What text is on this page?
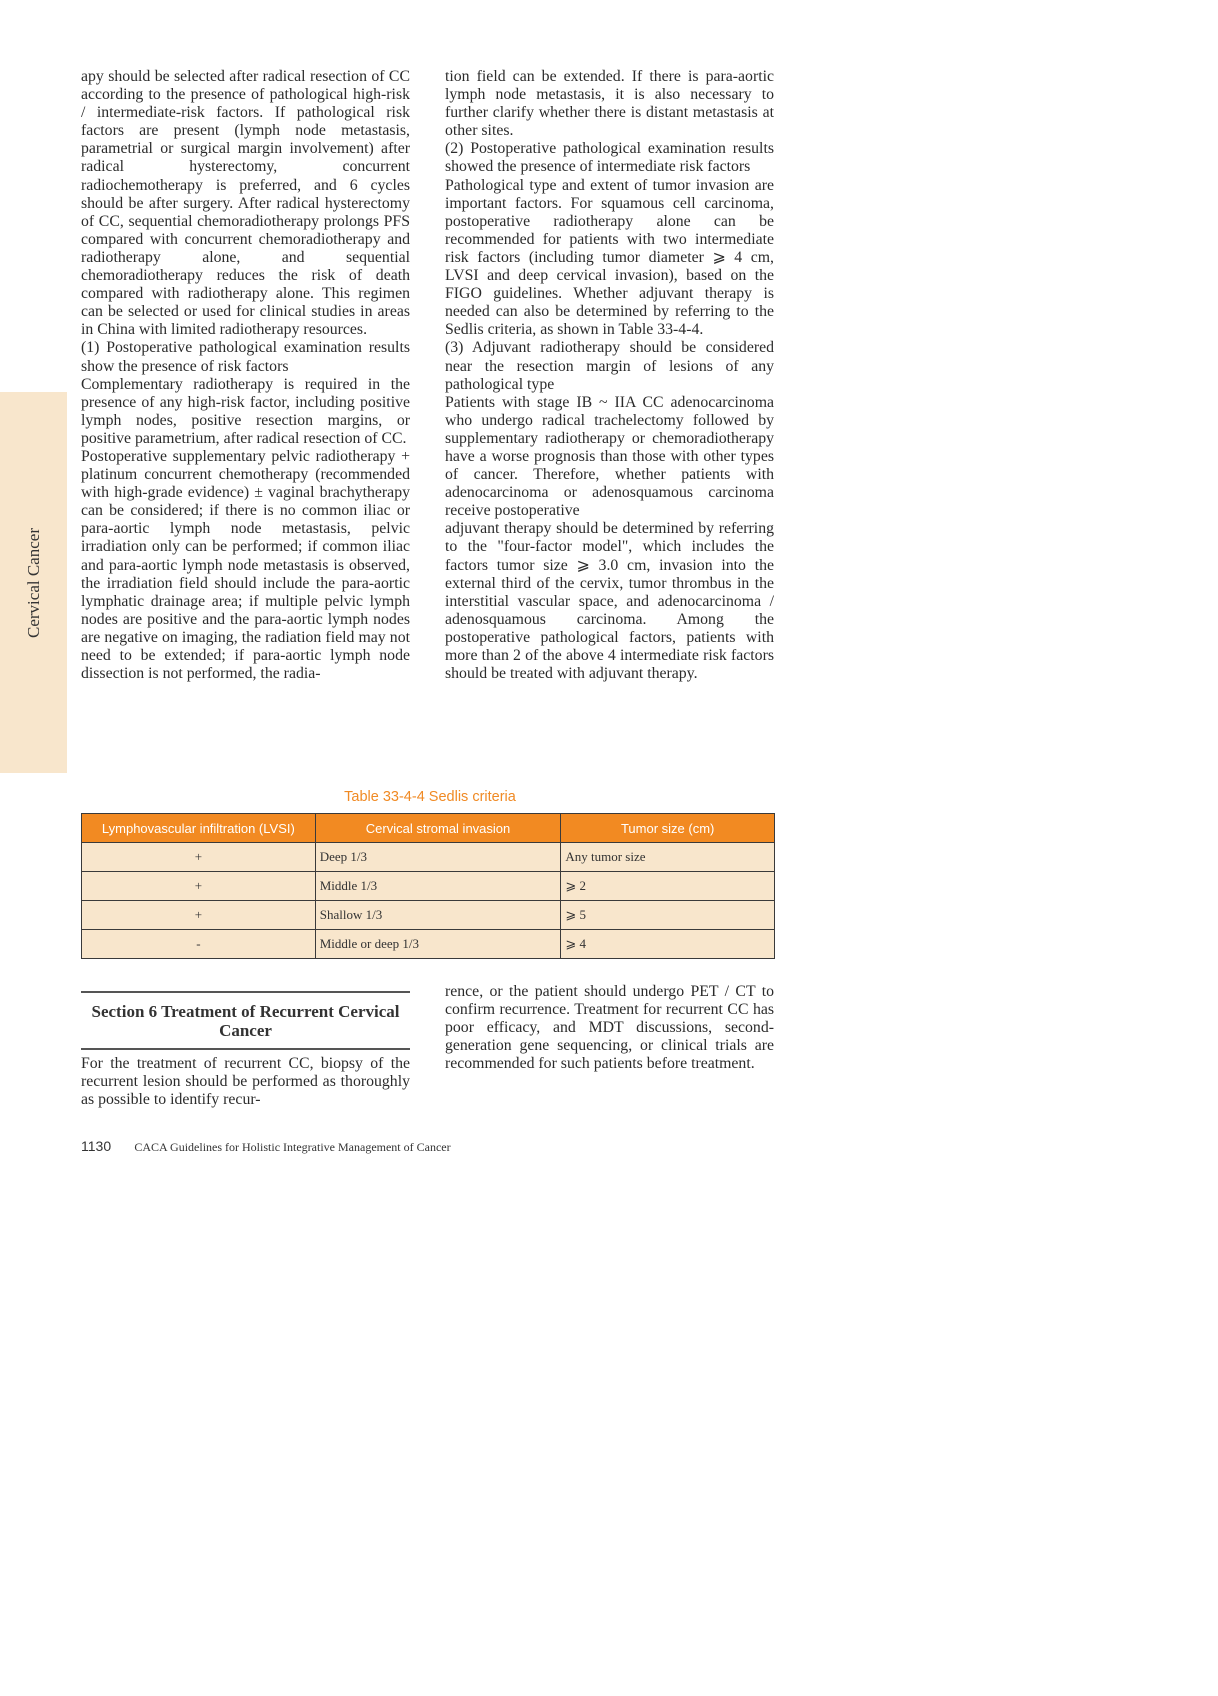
Cervical Cancer

apy should be selected after radical resection of CC according to the presence of pathological high-risk / intermediate-risk factors. If pathological risk factors are present (lymph node metastasis, parametrial or surgical margin involvement) after radical hysterectomy, concurrent radiochemotherapy is preferred, and 6 cycles should be after surgery. After radical hysterectomy of CC, sequential chemoradiotherapy prolongs PFS compared with concurrent chemoradiotherapy and radiotherapy alone, and sequential chemoradiotherapy reduces the risk of death compared with radiotherapy alone. This regimen can be selected or used for clinical studies in areas in China with limited radiotherapy resources.

(1) Postoperative pathological examination results show the presence of risk factors

Complementary radiotherapy is required in the presence of any high-risk factor, including positive lymph nodes, positive resection margins, or positive parametrium, after radical resection of CC.

Postoperative supplementary pelvic radiotherapy + platinum concurrent chemotherapy (recommended with high-grade evidence) ± vaginal brachytherapy can be considered; if there is no common iliac or para-aortic lymph node metastasis, pelvic irradiation only can be performed; if common iliac and para-aortic lymph node metastasis is observed, the irradiation field should include the para-aortic lymphatic drainage area; if multiple pelvic lymph nodes are positive and the para-aortic lymph nodes are negative on imaging, the radiation field may not need to be extended; if para-aortic lymph node dissection is not performed, the radia-

tion field can be extended. If there is para-aortic lymph node metastasis, it is also necessary to further clarify whether there is distant metastasis at other sites.

(2) Postoperative pathological examination results showed the presence of intermediate risk factors

Pathological type and extent of tumor invasion are important factors. For squamous cell carcinoma, postoperative radiotherapy alone can be recommended for patients with two intermediate risk factors (including tumor diameter ⩾ 4 cm, LVSI and deep cervical invasion), based on the FIGO guidelines. Whether adjuvant therapy is needed can also be determined by referring to the Sedlis criteria, as shown in Table 33-4-4.

(3) Adjuvant radiotherapy should be considered near the resection margin of lesions of any pathological type

Patients with stage IB ~ IIA CC adenocarcinoma who undergo radical trachelectomy followed by supplementary radiotherapy or chemoradiotherapy have a worse prognosis than those with other types of cancer. Therefore, whether patients with adenocarcinoma or adenosquamous carcinoma receive postoperative

adjuvant therapy should be determined by referring to the "four-factor model", which includes the factors tumor size ⩾ 3.0 cm, invasion into the external third of the cervix, tumor thrombus in the interstitial vascular space, and adenocarcinoma / adenosquamous carcinoma. Among the postoperative pathological factors, patients with more than 2 of the above 4 intermediate risk factors should be treated with adjuvant therapy.

Table 33-4-4 Sedlis criteria
Lymphovascular infiltration (LVSI)	Cervical stromal invasion	Tumor size (cm)
+	Deep 1/3	Any tumor size
+	Middle 1/3	⩾ 2
+	Shallow 1/3	⩾ 5
-	Middle or deep 1/3	⩾ 4
Section 6 Treatment of Recurrent Cervical Cancer

For the treatment of recurrent CC, biopsy of the recurrent lesion should be performed as thoroughly as possible to identify recur-

rence, or the patient should undergo PET / CT to confirm recurrence. Treatment for recurrent CC has poor efficacy, and MDT discussions, second-generation gene sequencing, or clinical trials are recommended for such patients before treatment.

1130 CACA Guidelines for Holistic Integrative Management of Cancer
